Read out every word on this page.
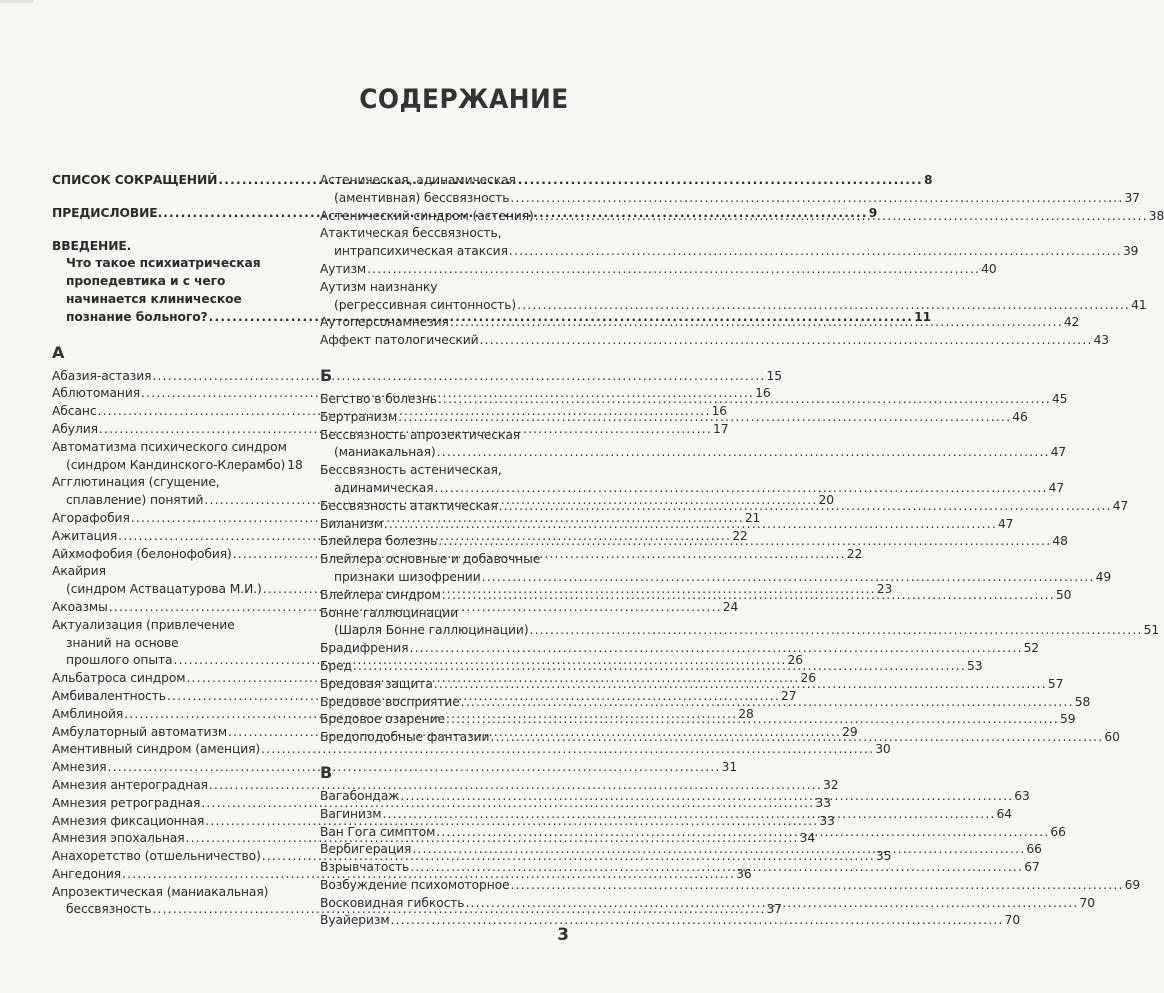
СОДЕРЖАНИЕ
СПИСОК СОКРАЩЕНИЙ .....	8
ПРЕДИСЛОВИЕ. .....	9
ВВЕДЕНИЕ.
Что такое психиатрическая
пропедевтика и с чего
начинается клиническое
познание больного? .....	11
А
Абазия-астазия .....	15
Аблютомания .....	16
Абсанс .....	16
Абулия .....	17
Автоматизма психического синдром
(синдром Кандинского-Клерамбо) 18
Агглютинация (сгущение,
сплавление) понятий .....	20
Агорафобия .....	21
Ажитация .....	22
Айхмофобия (белонофобия) .....	22
Акайрия
(синдром Аствацатурова М.И.) .....	23
Акоазмы .....	24
Актуализация (привлечение
знаний на основе
прошлого опыта .....	26
Альбатроса синдром .....	26
Амбивалентность .....	27
Амблинойя .....	28
Амбулаторный автоматизм .....	29
Аментивный синдром (аменция) .....	30
Амнезия .....	31
Амнезия антероградная .....	32
Амнезия ретроградная .....	33
Амнезия фиксационная .....	33
Амнезия эпохальная .....	34
Анахоретство (отшельничество) .....	35
Ангедония .....	36
Апрозектическая (маниакальная)
бессвязность .....	37
Астеническая, адинамическая
(аментивная) бессвязность .....	37
Астенический синдром (астения) .....	38
Атактическая бессвязность,
интрапсихическая атаксия .....	39
Аутизм .....	40
Аутизм наизнанку
(регрессивная синтонность) .....	41
Аутоперсонамнезия .....	42
Аффект патологический .....	43
Б
Бегство в болезнь .....	45
Бертранизм .....	46
Бессвязность апрозектическая
(маниакальная) .....	47
Бессвязность астеническая,
адинамическая .....	47
Бессвязность атактическая .....	47
Биланизм .....	47
Блейлера болезнь .....	48
Блейлера основные и добавочные
признаки шизофрении .....	49
Блейлера синдром .....	50
Бонне галлюцинации
(Шарля Бонне галлюцинации) .....	51
Брадифрения .....	52
Бред .....	53
Бредовая защита .....	57
Бредовое восприятие .....	58
Бредовое озарение .....	59
Бредоподобные фантазии .....	60
В
Вагабондаж .....	63
Вагинизм .....	64
Ван Гога симптом .....	66
Вербигерация .....	66
Взрывчатость .....	67
Возбуждение психомоторное .....	69
Восковидная гибкость .....	70
Вуайеризм .....	70
3
